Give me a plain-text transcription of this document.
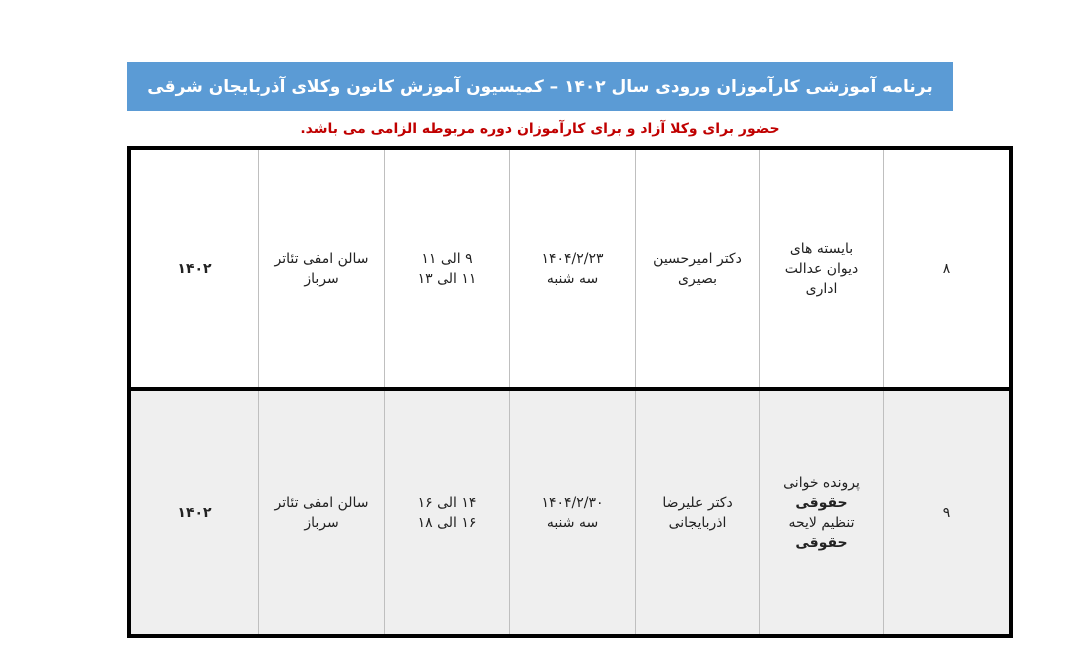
برنامه آموزشی کارآموزان ورودی سال ۱۴۰۲ – کمیسیون آموزش کانون وکلای آذربایجان شرقی
حضور برای وکلا آزاد و برای کارآموزان دوره مربوطه الزامی می باشد.
۸
بایسته های
دیوان عدالت
اداری
دکتر امیرحسین
بصیری
۱۴۰۴/۲/۲۳
سه شنبه
۹ الی ۱۱
۱۱ الی ۱۳
سالن امفی تئاتر
سرباز
۱۴۰۲
۹
پرونده خوانی
حقوقی
تنظیم لایحه
حقوقی
دکتر علیرضا
اذربایجانی
۱۴۰۴/۲/۳۰
سه شنبه
۱۴ الی ۱۶
۱۶ الی ۱۸
سالن امفی تئاتر
سرباز
۱۴۰۲
